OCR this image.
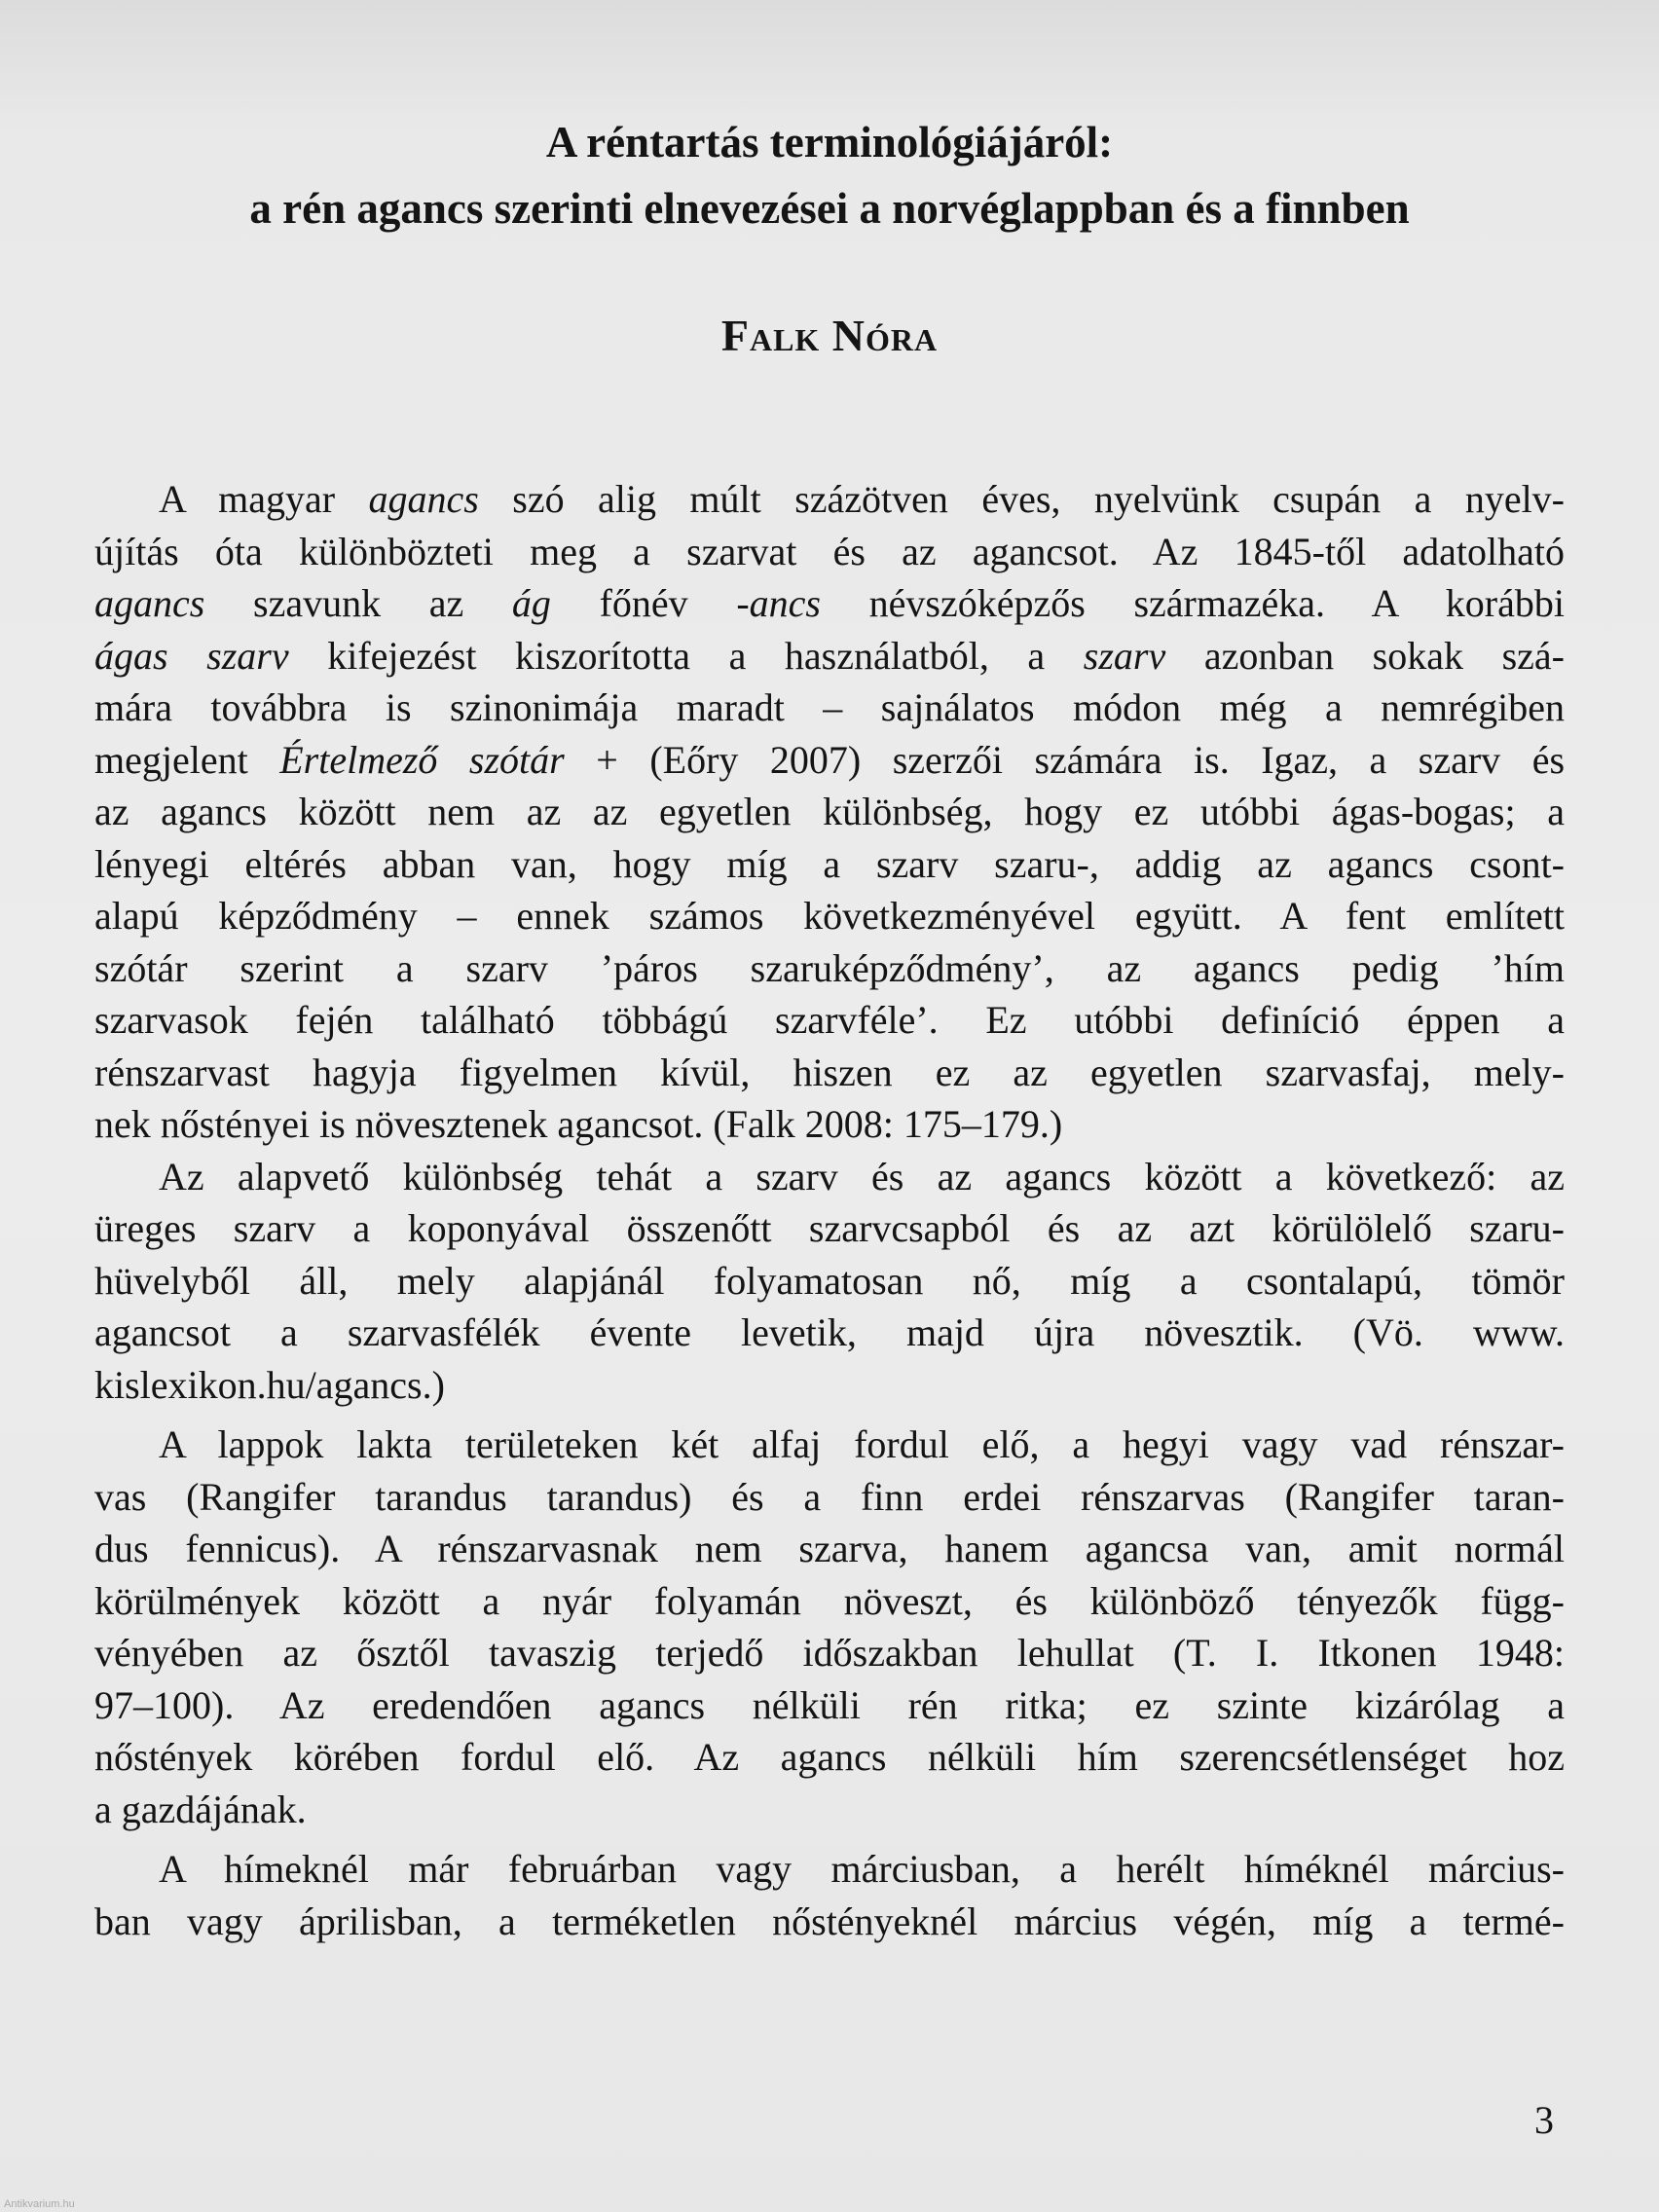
A réntartás terminológiájáról:
a rén agancs szerinti elnevezései a norvéglappban és a finnben
Falk Nóra
A magyar agancs szó alig múlt százötven éves, nyelvünk csupán a nyelv-
újítás óta különbözteti meg a szarvat és az agancsot. Az 1845-től adatolható
agancs szavunk az ág főnév -ancs névszóképzős származéka. A korábbi
ágas szarv kifejezést kiszorította a használatból, a szarv azonban sokak szá-
mára továbbra is szinonimája maradt – sajnálatos módon még a nemrégiben
megjelent Értelmező szótár + (Eőry 2007) szerzői számára is. Igaz, a szarv és
az agancs között nem az az egyetlen különbség, hogy ez utóbbi ágas-bogas; a
lényegi eltérés abban van, hogy míg a szarv szaru-, addig az agancs csont-
alapú képződmény – ennek számos következményével együtt. A fent említett
szótár szerint a szarv ’páros szaruképződmény’, az agancs pedig ’hím
szarvasok fején található többágú szarvféle’. Ez utóbbi definíció éppen a
rénszarvast hagyja figyelmen kívül, hiszen ez az egyetlen szarvasfaj, mely-
nek nőstényei is növesztenek agancsot. (Falk 2008: 175–179.)
Az alapvető különbség tehát a szarv és az agancs között a következő: az
üreges szarv a koponyával összenőtt szarvcsapból és az azt körülölelő szaru-
hüvelyből áll, mely alapjánál folyamatosan nő, míg a csontalapú, tömör
agancsot a szarvasfélék évente levetik, majd újra növesztik. (Vö. www.
kislexikon.hu/agancs.)
A lappok lakta területeken két alfaj fordul elő, a hegyi vagy vad rénszar-
vas (Rangifer tarandus tarandus) és a finn erdei rénszarvas (Rangifer taran-
dus fennicus). A rénszarvasnak nem szarva, hanem agancsa van, amit normál
körülmények között a nyár folyamán növeszt, és különböző tényezők függ-
vényében az ősztől tavaszig terjedő időszakban lehullat (T. I. Itkonen 1948:
97–100). Az eredendően agancs nélküli rén ritka; ez szinte kizárólag a
nőstények körében fordul elő. Az agancs nélküli hím szerencsétlenséget hoz
a gazdájának.
A hímeknél már februárban vagy márciusban, a herélt híméknél március-
ban vagy áprilisban, a terméketlen nőstényeknél március végén, míg a termé-
3
Antikvarium.hu
